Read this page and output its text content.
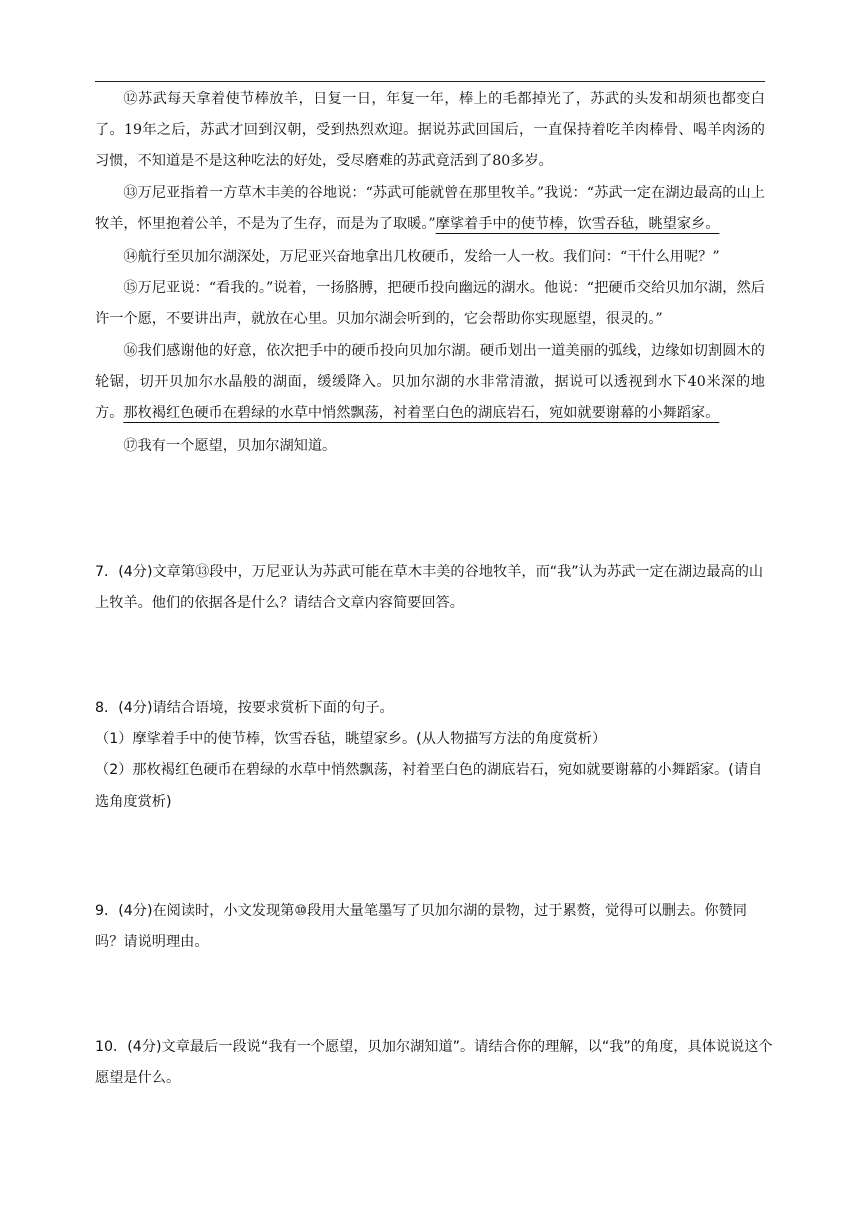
⑫苏武每天拿着使节棒放羊，日复一日，年复一年，棒上的毛都掉光了，苏武的头发和胡须也都变白了。19年之后，苏武才回到汉朝，受到热烈欢迎。据说苏武回国后，一直保持着吃羊肉棒骨、喝羊肉汤的习惯，不知道是不是这种吃法的好处，受尽磨难的苏武竟活到了80多岁。

⑬万尼亚指着一方草木丰美的谷地说：“苏武可能就曾在那里牧羊。”我说：“苏武一定在湖边最高的山上牧羊，怀里抱着公羊，不是为了生存，而是为了取暖。”摩挲着手中的使节棒，饮雪吞毡，眺望家乡。

⑭航行至贝加尔湖深处，万尼亚兴奋地拿出几枚硬币，发给一人一枚。我们问：“干什么用呢？”

⑮万尼亚说：“看我的。”说着，一扬胳膊，把硬币投向幽远的湖水。他说：“把硬币交给贝加尔湖，然后许一个愿，不要讲出声，就放在心里。贝加尔湖会听到的，它会帮助你实现愿望，很灵的。”

⑯我们感谢他的好意，依次把手中的硬币投向贝加尔湖。硬币划出一道美丽的弧线，边缘如切割圆木的轮锯，切开贝加尔水晶般的湖面，缓缓降入。贝加尔湖的水非常清澈，据说可以透视到水下40米深的地方。那枚褐红色硬币在碧绿的水草中悄然飘荡，衬着垩白色的湖底岩石，宛如就要谢幕的小舞蹈家。

⑰我有一个愿望，贝加尔湖知道。

7．(4分)文章第⑬段中，万尼亚认为苏武可能在草木丰美的谷地牧羊，而“我”认为苏武一定在湖边最高的山上牧羊。他们的依据各是什么？请结合文章内容简要回答。

8．(4分)请结合语境，按要求赏析下面的句子。

（1）摩挲着手中的使节棒，饮雪吞毡，眺望家乡。(从人物描写方法的角度赏析）

（2）那枚褐红色硬币在碧绿的水草中悄然飘荡，衬着垩白色的湖底岩石，宛如就要谢幕的小舞蹈家。(请自选角度赏析)

9．(4分)在阅读时，小文发现第⑩段用大量笔墨写了贝加尔湖的景物，过于累赘，觉得可以删去。你赞同吗？请说明理由。

10．(4分)文章最后一段说“我有一个愿望，贝加尔湖知道”。请结合你的理解，以“我”的角度，具体说说这个愿望是什么。
